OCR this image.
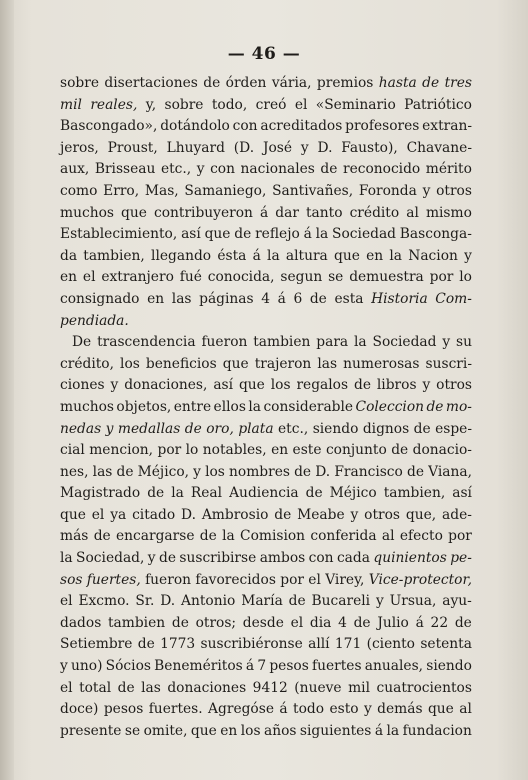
— 46 —
sobre disertaciones de órden vária, premios hasta de tres
mil reales, y, sobre todo, creó el «Seminario Patriótico
Bascongado», dotándolo con acreditados profesores extran-
jeros, Proust, Lhuyard (D. José y D. Fausto), Chavane-
aux, Brisseau etc., y con nacionales de reconocido mérito
como Erro, Mas, Samaniego, Santivañes, Foronda y otros
muchos que contribuyeron á dar tanto crédito al mismo
Establecimiento, así que de reflejo á la Sociedad Basconga-
da tambien, llegando ésta á la altura que en la Nacion y
en el extranjero fué conocida, segun se demuestra por lo
consignado en las páginas 4 á 6 de esta Historia Com-
pendiada.
De trascendencia fueron tambien para la Sociedad y su
crédito, los beneficios que trajeron las numerosas suscri-
ciones y donaciones, así que los regalos de libros y otros
muchos objetos, entre ellos la considerable Coleccion de mo-
nedas y medallas de oro, plata etc., siendo dignos de espe-
cial mencion, por lo notables, en este conjunto de donacio-
nes, las de Méjico, y los nombres de D. Francisco de Viana,
Magistrado de la Real Audiencia de Méjico tambien, así
que el ya citado D. Ambrosio de Meabe y otros que, ade-
más de encargarse de la Comision conferida al efecto por
la Sociedad, y de suscribirse ambos con cada quinientos pe-
sos fuertes, fueron favorecidos por el Virey, Vice-protector,
el Excmo. Sr. D. Antonio María de Bucareli y Ursua, ayu-
dados tambien de otros; desde el dia 4 de Julio á 22 de
Setiembre de 1773 suscribiéronse allí 171 (ciento setenta
y uno) Sócios Beneméritos á 7 pesos fuertes anuales, siendo
el total de las donaciones 9412 (nueve mil cuatrocientos
doce) pesos fuertes. Agregóse á todo esto y demás que al
presente se omite, que en los años siguientes á la fundacion
